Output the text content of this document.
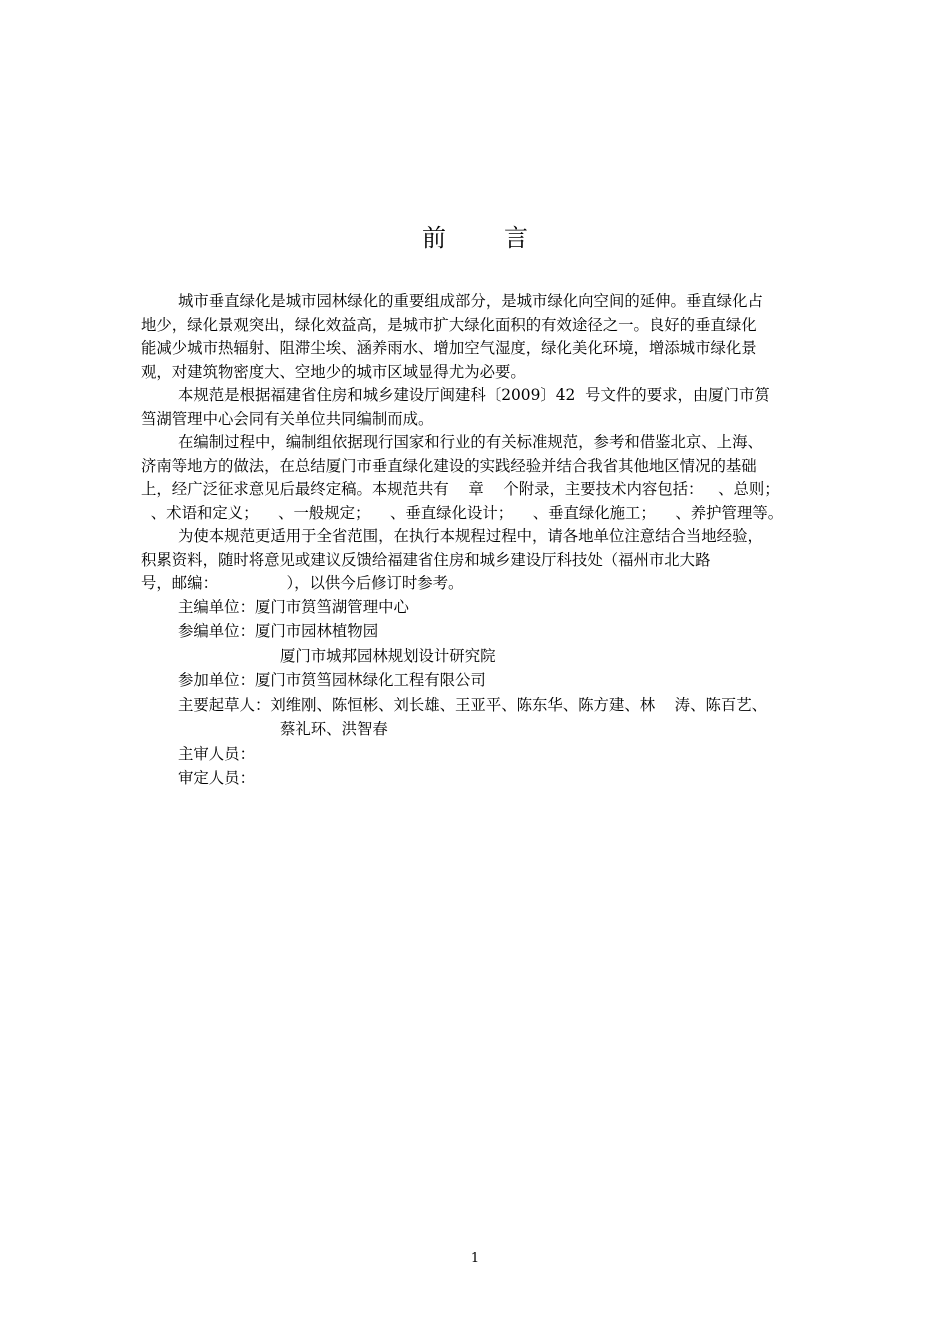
前 言
城市垂直绿化是城市园林绿化的重要组成部分，是城市绿化向空间的延伸。垂直绿化占
地少，绿化景观突出，绿化效益高，是城市扩大绿化面积的有效途径之一。良好的垂直绿化
能减少城市热辐射、阻滞尘埃、涵养雨水、增加空气湿度，绿化美化环境，增添城市绿化景
观，对建筑物密度大、空地少的城市区域显得尤为必要。
本规范是根据福建省住房和城乡建设厅闽建科〔2009〕42  号文件的要求，由厦门市筼
筜湖管理中心会同有关单位共同编制而成。
在编制过程中，编制组依据现行国家和行业的有关标准规范，参考和借鉴北京、上海、
济南等地方的做法，在总结厦门市垂直绿化建设的实践经验并结合我省其他地区情况的基础
上，经广泛征求意见后最终定稿。本规范共有    章    个附录，主要技术内容包括：   、总则；
、术语和定义；    、一般规定；    、垂直绿化设计；    、垂直绿化施工；    、养护管理等。
为使本规范更适用于全省范围，在执行本规程过程中，请各地单位注意结合当地经验，
积累资料，随时将意见或建议反馈给福建省住房和城乡建设厅科技处（福州市北大路
号，邮编：              ），以供今后修订时参考。
主编单位：厦门市筼筜湖管理中心
参编单位：厦门市园林植物园
厦门市城邦园林规划设计研究院
参加单位：厦门市筼筜园林绿化工程有限公司
主要起草人：刘维刚、陈恒彬、刘长雄、王亚平、陈东华、陈方建、林    涛、陈百艺、
蔡礼环、洪智春
主审人员：
审定人员：
1
